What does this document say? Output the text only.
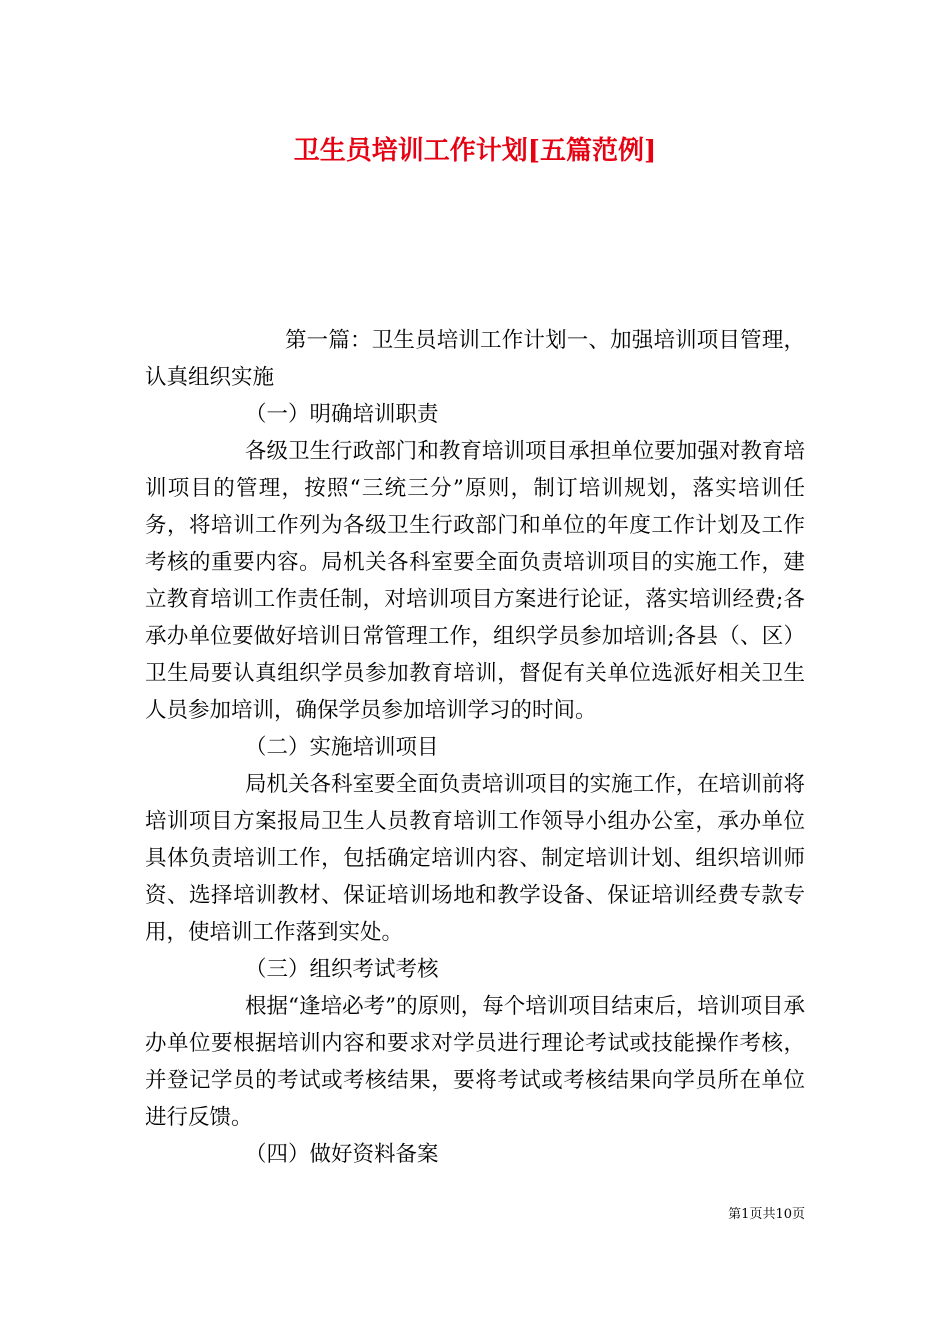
卫生员培训工作计划[五篇范例]

第一篇：卫生员培训工作计划一、加强培训项目管理，认真组织实施

（一）明确培训职责

各级卫生行政部门和教育培训项目承担单位要加强对教育培训项目的管理，按照“三统三分”原则，制订培训规划，落实培训任务，将培训工作列为各级卫生行政部门和单位的年度工作计划及工作考核的重要内容。局机关各科室要全面负责培训项目的实施工作，建立教育培训工作责任制，对培训项目方案进行论证，落实培训经费;各承办单位要做好培训日常管理工作，组织学员参加培训;各县（、区）卫生局要认真组织学员参加教育培训，督促有关单位选派好相关卫生人员参加培训，确保学员参加培训学习的时间。

（二）实施培训项目

局机关各科室要全面负责培训项目的实施工作，在培训前将培训项目方案报局卫生人员教育培训工作领导小组办公室，承办单位具体负责培训工作，包括确定培训内容、制定培训计划、组织培训师资、选择培训教材、保证培训场地和教学设备、保证培训经费专款专用，使培训工作落到实处。

（三）组织考试考核

根据“逢培必考”的原则，每个培训项目结束后，培训项目承办单位要根据培训内容和要求对学员进行理论考试或技能操作考核，并登记学员的考试或考核结果，要将考试或考核结果向学员所在单位进行反馈。

（四）做好资料备案

第1页共10页
